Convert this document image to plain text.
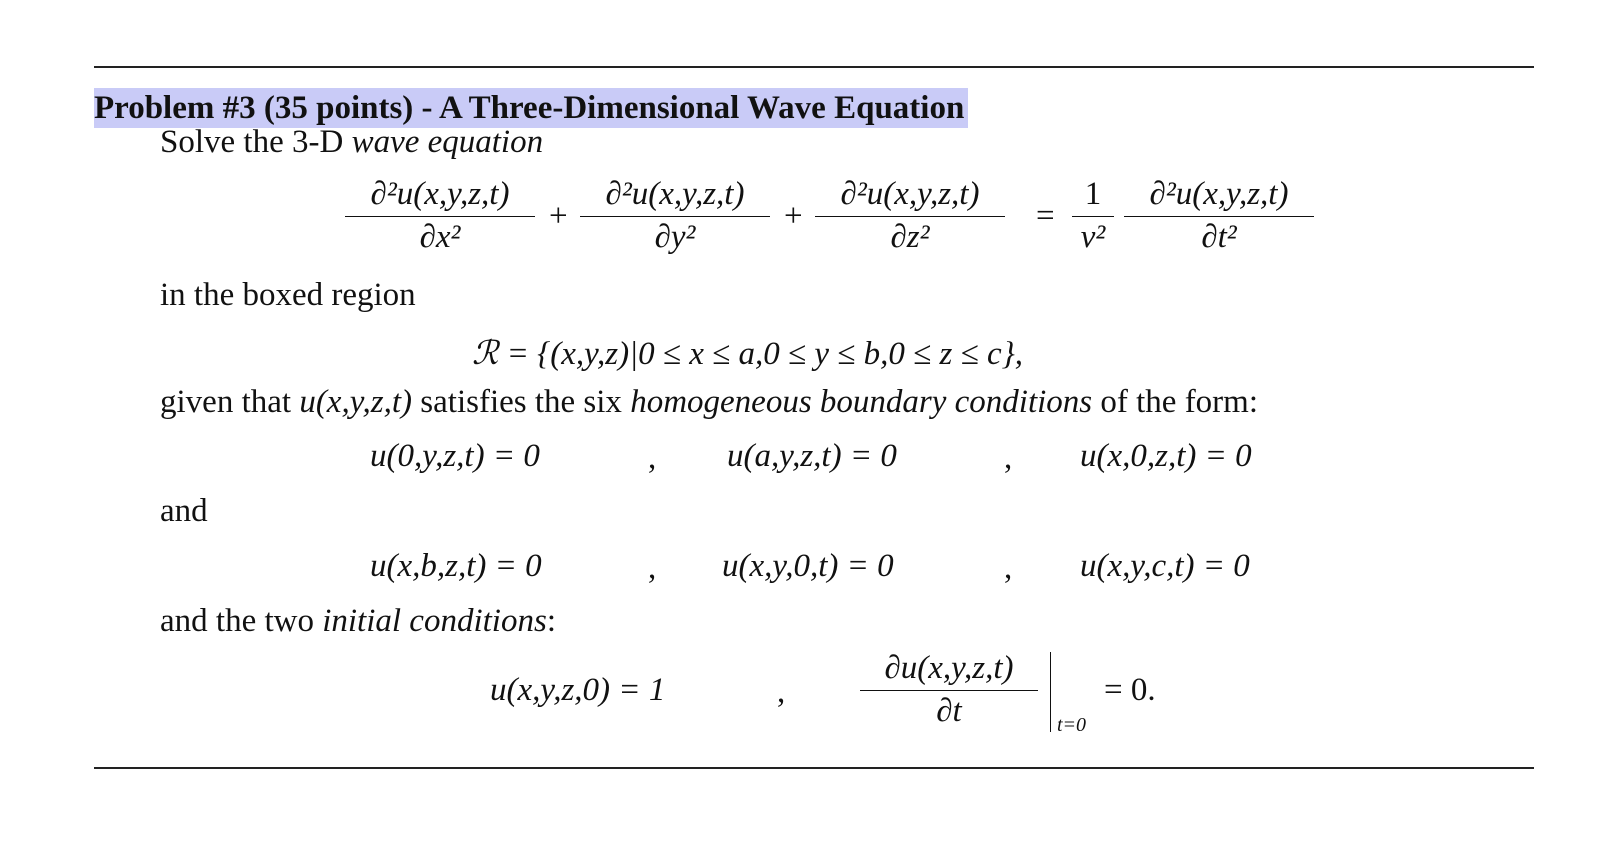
Problem #3 (35 points) - A Three-Dimensional Wave Equation
Solve the 3-D wave equation
∂²u(x,y,z,t)
∂x²
+
∂²u(x,y,z,t)
∂y²
+
∂²u(x,y,z,t)
∂z²
=
1
v²
∂²u(x,y,z,t)
∂t²
in the boxed region
ℛ = {(x,y,z)|0 ≤ x ≤ a,0 ≤ y ≤ b,0 ≤ z ≤ c},
given that u(x,y,z,t) satisfies the six homogeneous boundary conditions of the form:
u(0,y,z,t) = 0	, u(a,y,z,t) = 0	, u(x,0,z,t) = 0
and
u(x,b,z,t) = 0	, u(x,y,0,t) = 0	, u(x,y,c,t) = 0
and the two initial conditions:
u(x,y,z,0) = 1	,
∂u(x,y,z,t)
∂t	t=0
= 0.
